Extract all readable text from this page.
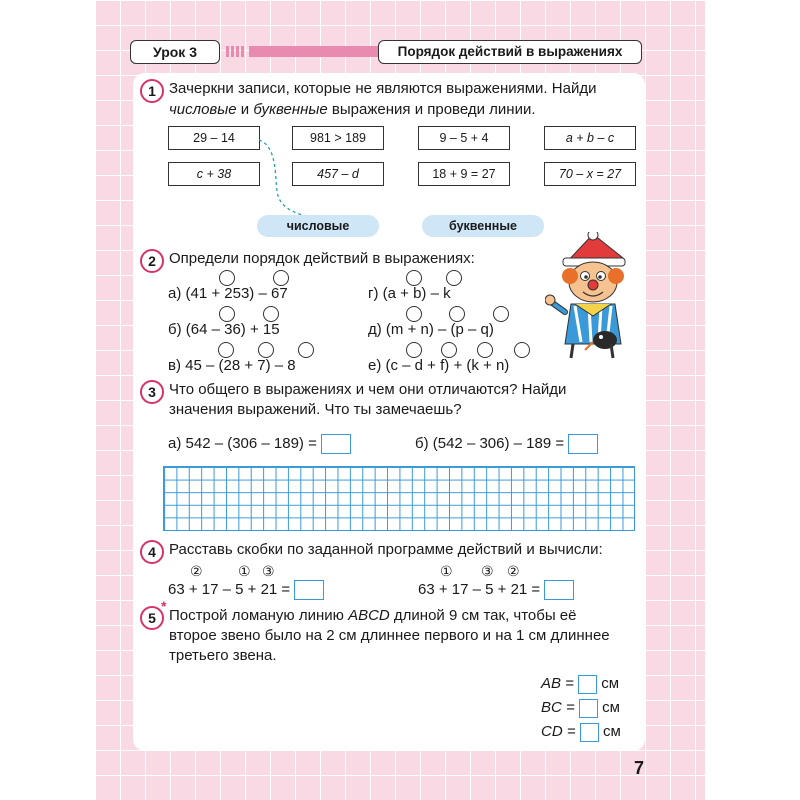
Урок 3	Порядок действий в выражениях
1 Зачеркни записи, которые не являются выражениями. Найди
числовые и буквенные выражения и проведи линии.
29 – 14	981 > 189	9 – 5 + 4	a + b – c
c + 38	457 – d	18 + 9 = 27	70 – x = 27
числовые	буквенные
2 Определи порядок действий в выражениях:
а) (41 + 253) – 67
б) (64 – 36) + 15
в) 45 – (28 + 7) – 8
г) (a + b) – k
д) (m + n) – (p – q)
е) (c – d + f) + (k + n)
3 Что общего в выражениях и чем они отличаются? Найди
значения выражений. Что ты замечаешь?
а) 542 – (306 – 189) =	б) (542 – 306) – 189 =
4 Расставь скобки по заданной программе действий и вычисли:
②	① ③
63 + 17 – 5 + 21 =
① ③ ②
63 + 17 – 5 + 21 =
5
*
Построй ломаную линию ABCD длиной 9 см так, чтобы её
второе звено было на 2 см длиннее первого и на 1 см длиннее
третьего звена.
AB = см
BC = см
CD = см
7
